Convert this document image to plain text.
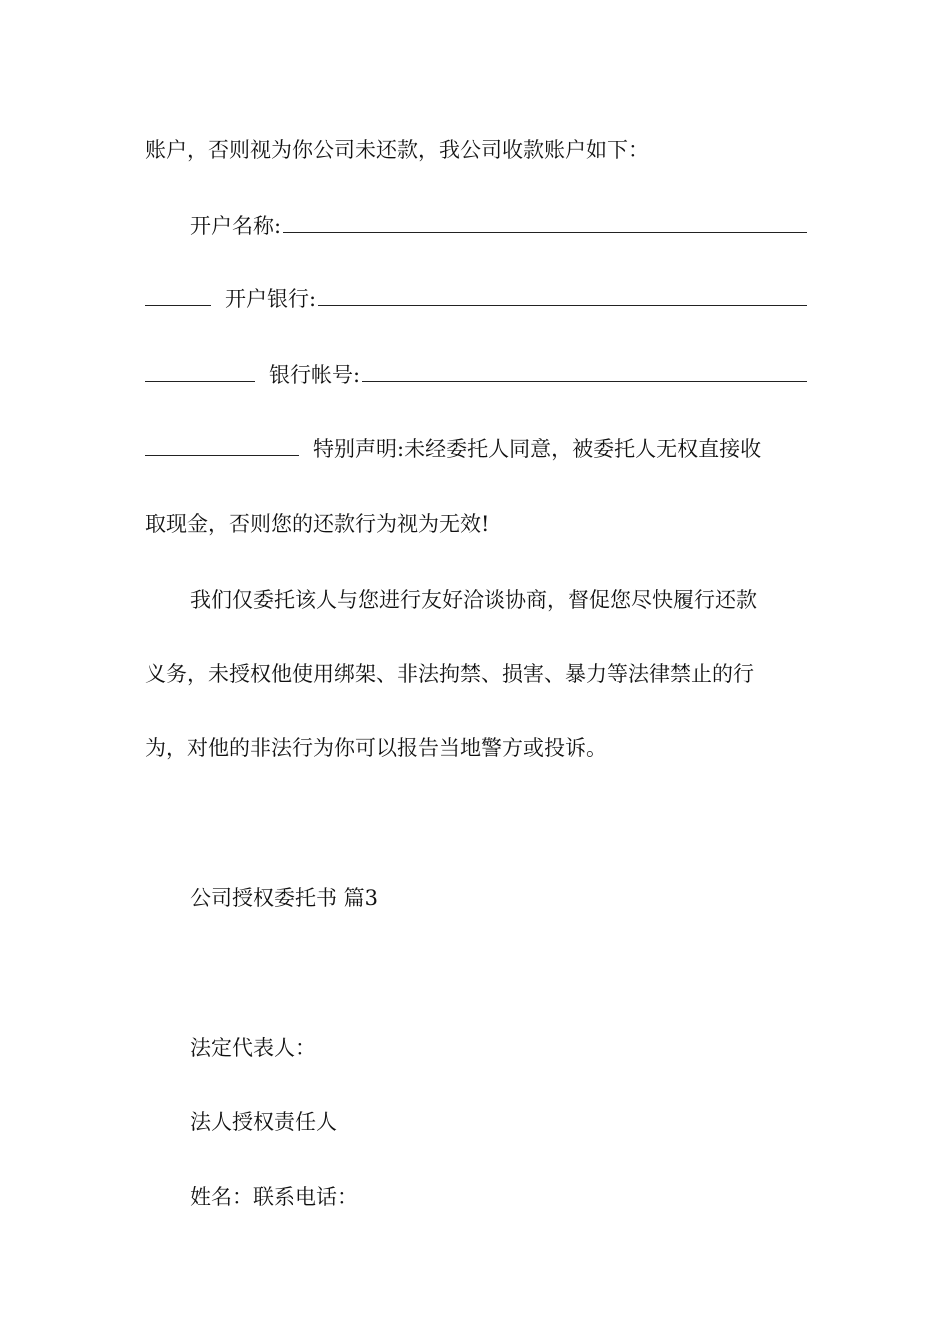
账户，否则视为你公司未还款，我公司收款账户如下：
开户名称:
开户银行:
银行帐号:
特别声明:未经委托人同意，被委托人无权直接收
取现金，否则您的还款行为视为无效!
我们仅委托该人与您进行友好洽谈协商，督促您尽快履行还款
义务，未授权他使用绑架、非法拘禁、损害、暴力等法律禁止的行
为，对他的非法行为你可以报告当地警方或投诉。
公司授权委托书 篇3
法定代表人：
法人授权责任人
姓名：联系电话：
